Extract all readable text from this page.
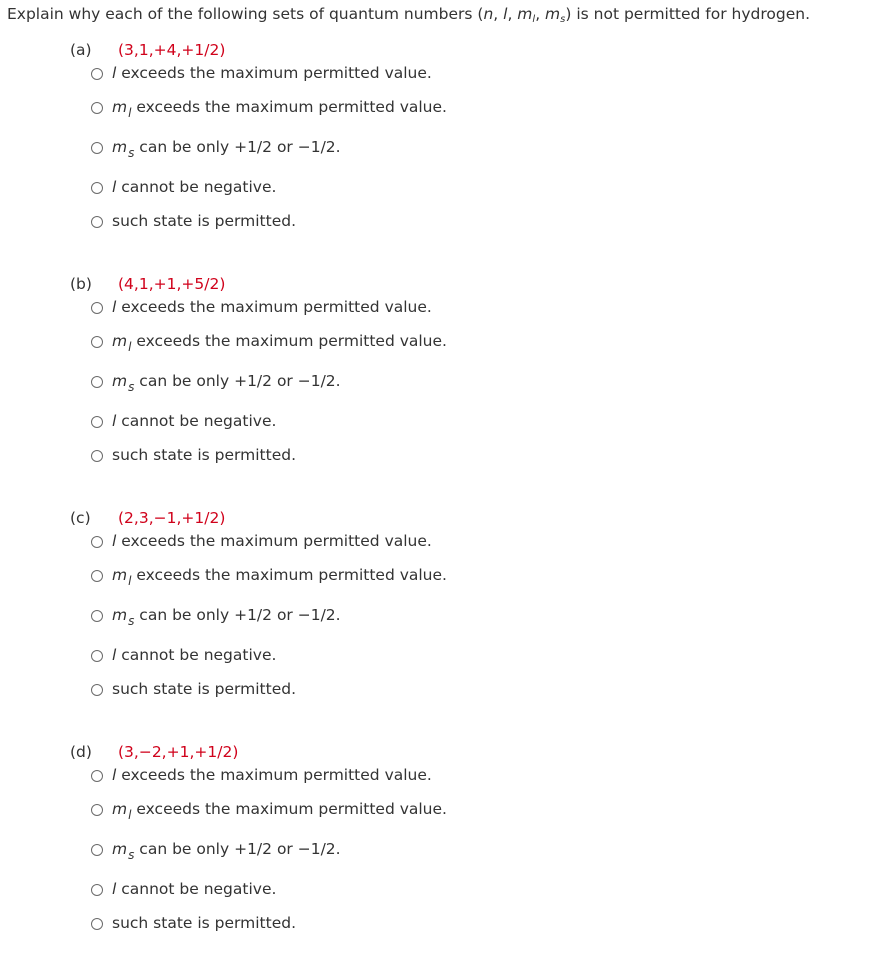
Explain why each of the following sets of quantum numbers (n, l, $m_l$, $m_s$) is not permitted for hydrogen.
(a) (3,1,+4,+1/2)
l exceeds the maximum permitted value.
$m_l$ exceeds the maximum permitted value.
$m_s$ can be only +1/2 or −1/2.
l cannot be negative.
such state is permitted.
(b) (4,1,+1,+5/2)
l exceeds the maximum permitted value.
$m_l$ exceeds the maximum permitted value.
$m_s$ can be only +1/2 or −1/2.
l cannot be negative.
such state is permitted.
(c) (2,3,−1,+1/2)
l exceeds the maximum permitted value.
$m_l$ exceeds the maximum permitted value.
$m_s$ can be only +1/2 or −1/2.
l cannot be negative.
such state is permitted.
(d) (3,−2,+1,+1/2)
l exceeds the maximum permitted value.
$m_l$ exceeds the maximum permitted value.
$m_s$ can be only +1/2 or −1/2.
l cannot be negative.
such state is permitted.
